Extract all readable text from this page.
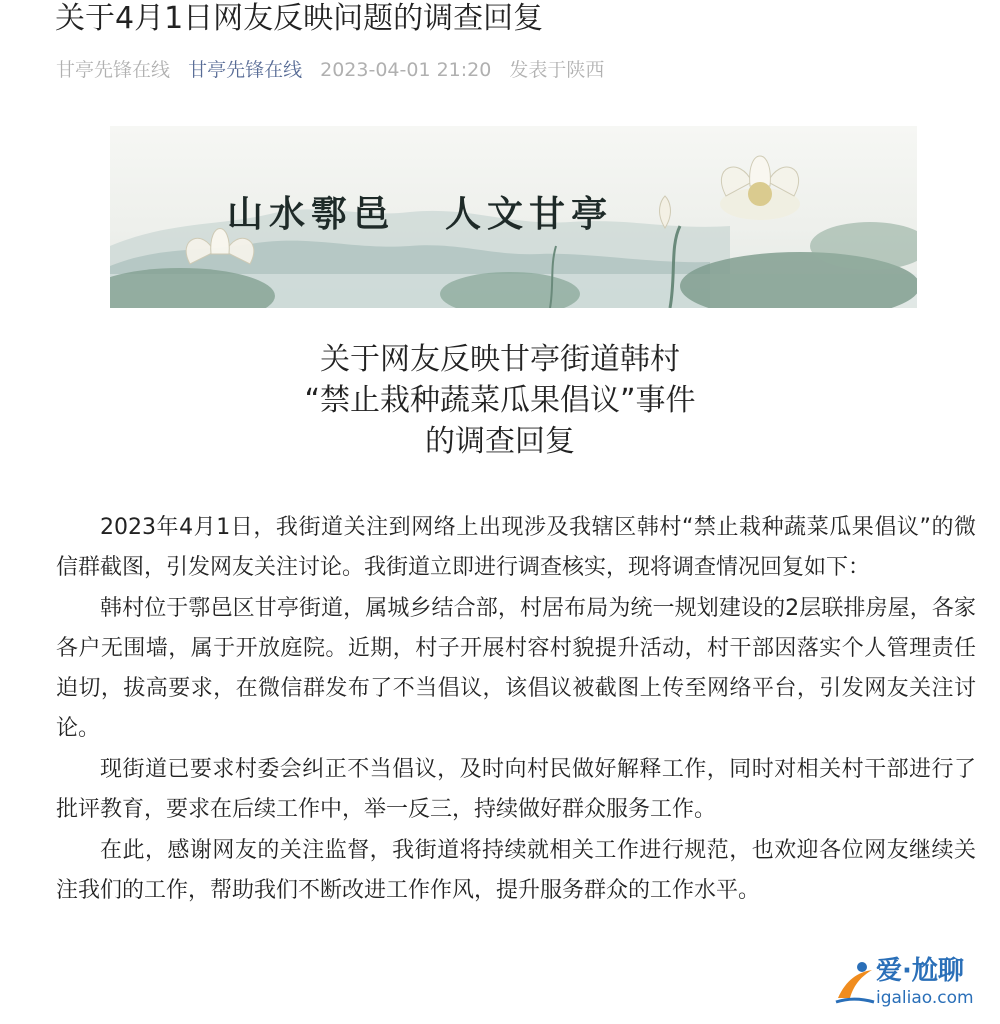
关于4月1日网友反映问题的调查回复
甘亭先锋在线 甘亭先锋在线 2023-04-01 21:20 发表于陕西
山水鄠邑 人文甘亭
关于网友反映甘亭街道韩村
“禁止栽种蔬菜瓜果倡议”事件
的调查回复

2023年4月1日，我街道关注到网络上出现涉及我辖区韩村“禁止栽种蔬菜瓜果倡议”的微信群截图，引发网友关注讨论。我街道立即进行调查核实，现将调查情况回复如下：

韩村位于鄠邑区甘亭街道，属城乡结合部，村居布局为统一规划建设的2层联排房屋，各家各户无围墙，属于开放庭院。近期，村子开展村容村貌提升活动，村干部因落实个人管理责任迫切，拔高要求，在微信群发布了不当倡议，该倡议被截图上传至网络平台，引发网友关注讨论。

现街道已要求村委会纠正不当倡议，及时向村民做好解释工作，同时对相关村干部进行了批评教育，要求在后续工作中，举一反三，持续做好群众服务工作。

在此，感谢网友的关注监督，我街道将持续就相关工作进行规范，也欢迎各位网友继续关注我们的工作，帮助我们不断改进工作作风，提升服务群众的工作水平。

爱·尬聊
igaliao.com
